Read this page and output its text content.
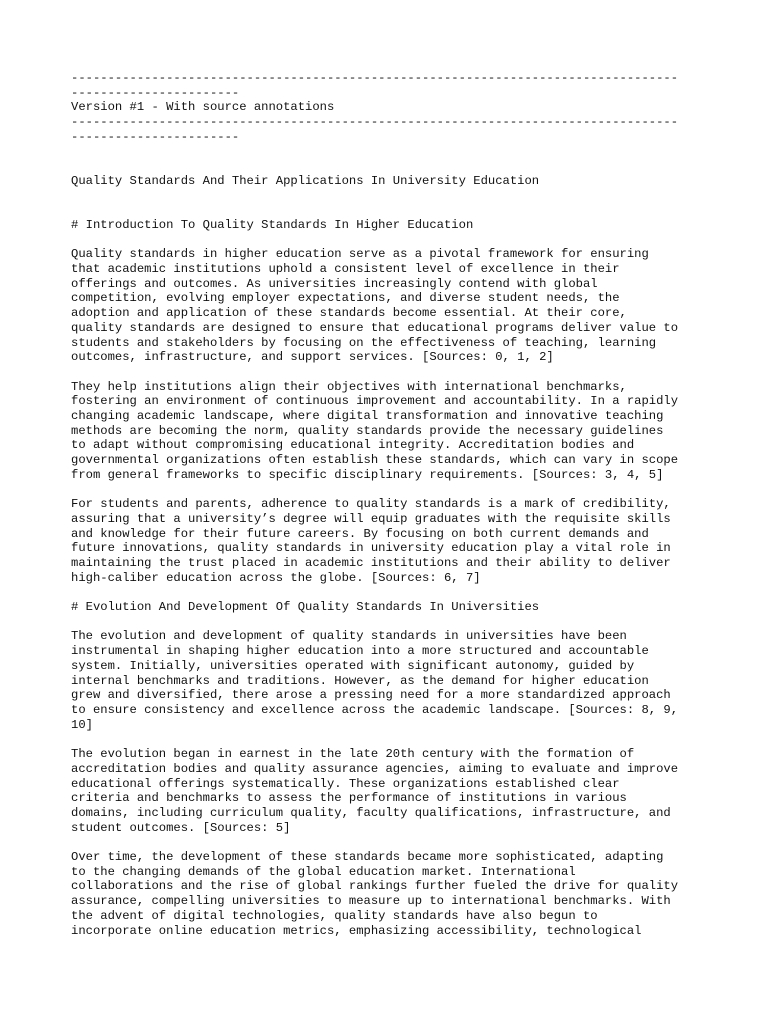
-----------------------------------------------------------------------------------
-----------------------
Version #1 - With source annotations
-----------------------------------------------------------------------------------
-----------------------
Quality Standards And Their Applications In University Education
# Introduction To Quality Standards In Higher Education
Quality standards in higher education serve as a pivotal framework for ensuring
that academic institutions uphold a consistent level of excellence in their
offerings and outcomes. As universities increasingly contend with global
competition, evolving employer expectations, and diverse student needs, the
adoption and application of these standards become essential. At their core,
quality standards are designed to ensure that educational programs deliver value to
students and stakeholders by focusing on the effectiveness of teaching, learning
outcomes, infrastructure, and support services. [Sources: 0, 1, 2]
They help institutions align their objectives with international benchmarks,
fostering an environment of continuous improvement and accountability. In a rapidly
changing academic landscape, where digital transformation and innovative teaching
methods are becoming the norm, quality standards provide the necessary guidelines
to adapt without compromising educational integrity. Accreditation bodies and
governmental organizations often establish these standards, which can vary in scope
from general frameworks to specific disciplinary requirements. [Sources: 3, 4, 5]
For students and parents, adherence to quality standards is a mark of credibility,
assuring that a university’s degree will equip graduates with the requisite skills
and knowledge for their future careers. By focusing on both current demands and
future innovations, quality standards in university education play a vital role in
maintaining the trust placed in academic institutions and their ability to deliver
high-caliber education across the globe. [Sources: 6, 7]
# Evolution And Development Of Quality Standards In Universities
The evolution and development of quality standards in universities have been
instrumental in shaping higher education into a more structured and accountable
system. Initially, universities operated with significant autonomy, guided by
internal benchmarks and traditions. However, as the demand for higher education
grew and diversified, there arose a pressing need for a more standardized approach
to ensure consistency and excellence across the academic landscape. [Sources: 8, 9,
10]
The evolution began in earnest in the late 20th century with the formation of
accreditation bodies and quality assurance agencies, aiming to evaluate and improve
educational offerings systematically. These organizations established clear
criteria and benchmarks to assess the performance of institutions in various
domains, including curriculum quality, faculty qualifications, infrastructure, and
student outcomes. [Sources: 5]
Over time, the development of these standards became more sophisticated, adapting
to the changing demands of the global education market. International
collaborations and the rise of global rankings further fueled the drive for quality
assurance, compelling universities to measure up to international benchmarks. With
the advent of digital technologies, quality standards have also begun to
incorporate online education metrics, emphasizing accessibility, technological
